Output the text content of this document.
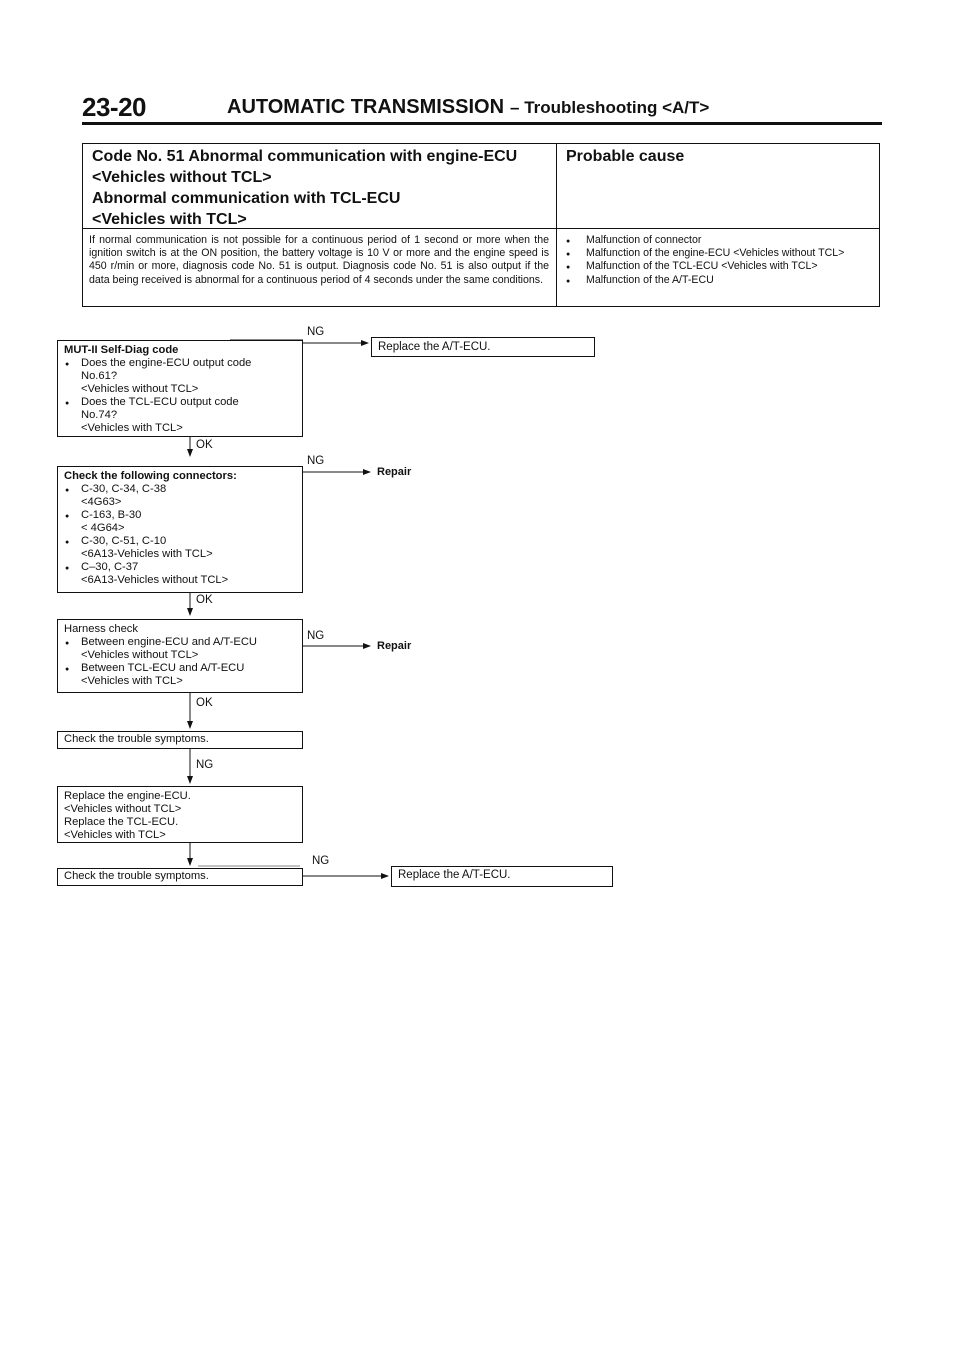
23-20	AUTOMATIC TRANSMISSION – Troubleshooting <A/T>
Code No. 51 Abnormal communication with engine-ECU
<Vehicles without TCL>
Abnormal communication with TCL-ECU
<Vehicles with TCL>
Probable cause
If normal communication is not possible for a continuous period of 1 second or more when the ignition switch is at the ON position, the battery voltage is 10 V or more and the engine speed is 450 r/min or more, diagnosis code No. 51 is output. Diagnosis code No. 51 is also output if the data being received is abnormal for a continuous period of 4 seconds under the same conditions.
● Malfunction of connector
● Malfunction of the engine-ECU <Vehicles without TCL>
● Malfunction of the TCL-ECU <Vehicles with TCL>
● Malfunction of the A/T-ECU
MUT-II Self-Diag code
● Does the engine-ECU output code
No.61?
<Vehicles without TCL>
● Does the TCL-ECU output code
No.74?
<Vehicles with TCL>
NG
OK
Replace the A/T-ECU.
Check the following connectors:
● C-30, C-34, C-38
<4G63>
● C-163, B-30
< 4G64>
● C-30, C-51, C-10
<6A13-Vehicles with TCL>
● C–30, C-37
<6A13-Vehicles without TCL>
NG
OK
Repair
Harness check
● Between engine-ECU and A/T-ECU
<Vehicles without TCL>
● Between TCL-ECU and A/T-ECU
<Vehicles with TCL>
NG
OK
Repair
Check the trouble symptoms.
NG
Replace the engine-ECU.
<Vehicles without TCL>
Replace the TCL-ECU.
<Vehicles with TCL>
Check the trouble symptoms.
NG
Replace the A/T-ECU.
